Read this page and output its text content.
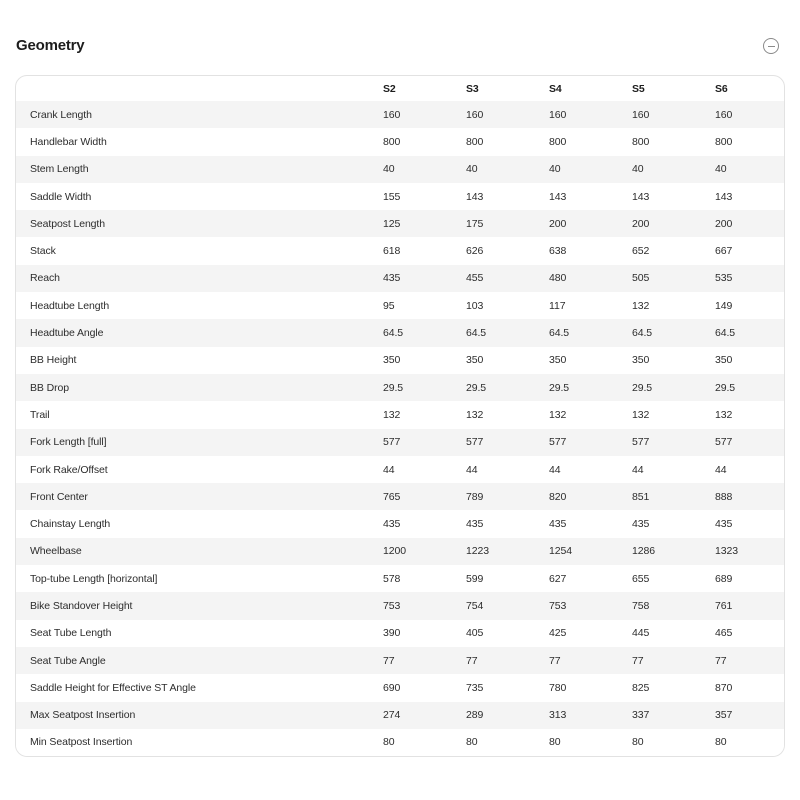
Geometry
	S2	S3	S4	S5	S6
Crank Length	160	160	160	160	160
Handlebar Width	800	800	800	800	800
Stem Length	40	40	40	40	40
Saddle Width	155	143	143	143	143
Seatpost Length	125	175	200	200	200
Stack	618	626	638	652	667
Reach	435	455	480	505	535
Headtube Length	95	103	117	132	149
Headtube Angle	64.5	64.5	64.5	64.5	64.5
BB Height	350	350	350	350	350
BB Drop	29.5	29.5	29.5	29.5	29.5
Trail	132	132	132	132	132
Fork Length [full]	577	577	577	577	577
Fork Rake/Offset	44	44	44	44	44
Front Center	765	789	820	851	888
Chainstay Length	435	435	435	435	435
Wheelbase	1200	1223	1254	1286	1323
Top-tube Length [horizontal]	578	599	627	655	689
Bike Standover Height	753	754	753	758	761
Seat Tube Length	390	405	425	445	465
Seat Tube Angle	77	77	77	77	77
Saddle Height for Effective ST Angle	690	735	780	825	870
Max Seatpost Insertion	274	289	313	337	357
Min Seatpost Insertion	80	80	80	80	80
